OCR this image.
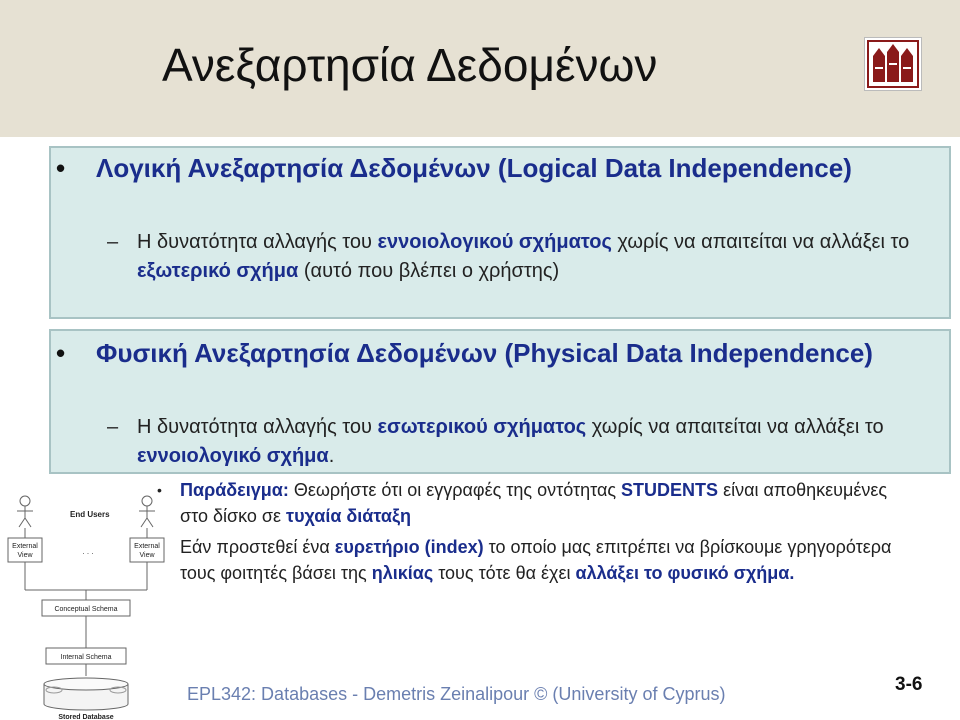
Ανεξαρτησία Δεδομένων
• Λογική Ανεξαρτησία Δεδομένων (Logical Data Independence)
– Η δυνατότητα αλλαγής του εννοιολογικού σχήματος χωρίς να απαιτείται να αλλάξει το εξωτερικό σχήμα (αυτό που βλέπει ο χρήστης)
• Φυσική Ανεξαρτησία Δεδομένων (Physical Data Independence)
– Η δυνατότητα αλλαγής του εσωτερικού σχήματος χωρίς να απαιτείται να αλλάξει το εννοιολογικό σχήμα.
• Παράδειγμα: Θεωρήστε ότι οι εγγραφές της οντότητας STUDENTS είναι αποθηκευμένες στο δίσκο σε τυχαία διάταξη
Εάν προστεθεί ένα ευρετήριο (index) το οποίο μας επιτρέπει να βρίσκουμε γρηγορότερα τους φοιτητές βάσει της ηλικίας τους τότε θα έχει αλλάξει το φυσικό σχήμα.
End Users
External
View	. . .
External
View
Conceptual Schema
Internal Schema
Stored Database
EPL342: Databases - Demetris Zeinalipour © (University of Cyprus)	3-6
